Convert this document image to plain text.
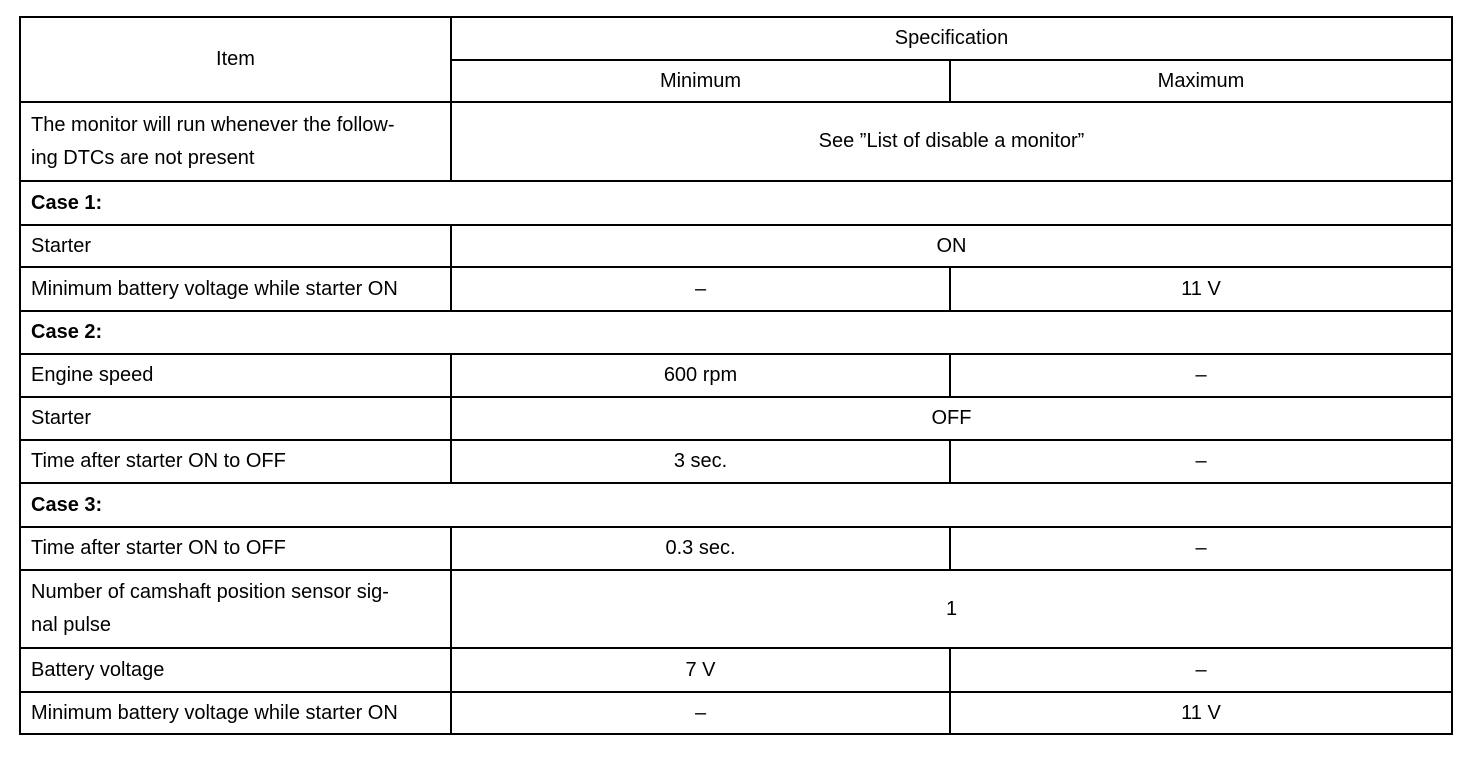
Item	Specification	
	Minimum	Maximum
The monitor will run whenever the follow-
ing DTCs are not present	See ”List of disable a monitor”	
Case 1:		
Starter	ON	
Minimum battery voltage while starter ON	–	11 V
Case 2:		
Engine speed	600 rpm	–
Starter	OFF	
Time after starter ON to OFF	3 sec.	–
Case 3:		
Time after starter ON to OFF	0.3 sec.	–
Number of camshaft position sensor sig-
nal pulse	1	
Battery voltage	7 V	–
Minimum battery voltage while starter ON	–	11 V
